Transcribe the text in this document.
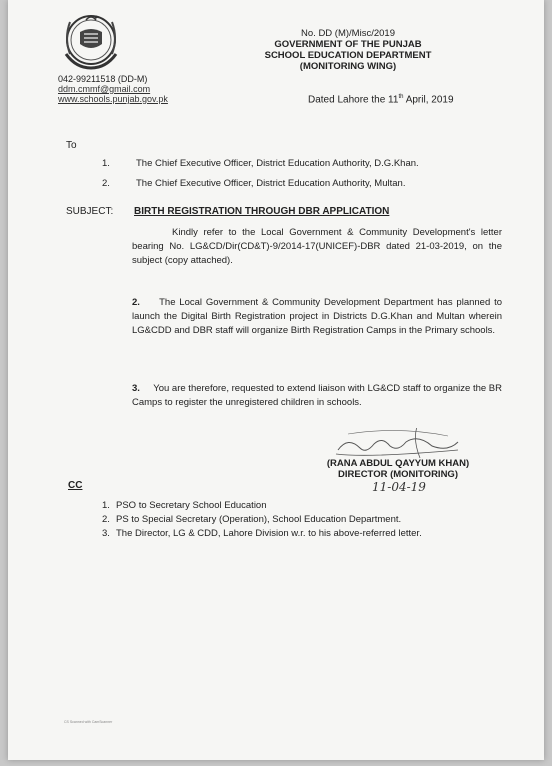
042-99211518 (DD-M)
ddm.cmmf@gmail.com
www.schools.punjab.gov.pk
No. DD (M)/Misc/2019
GOVERNMENT OF THE PUNJAB
SCHOOL EDUCATION DEPARTMENT
(MONITORING WING)
Dated Lahore the 11th April, 2019
To
1.	The Chief Executive Officer, District Education Authority, D.G.Khan.
2.	The Chief Executive Officer, District Education Authority, Multan.
SUBJECT: BIRTH REGISTRATION THROUGH DBR APPLICATION
Kindly refer to the Local Government & Community Development's letter bearing No. LG&CD/Dir(CD&T)-9/2014-17(UNICEF)-DBR dated 21-03-2019, on the subject (copy attached).
2. The Local Government & Community Development Department has planned to launch the Digital Birth Registration project in Districts D.G.Khan and Multan wherein LG&CDD and DBR staff will organize Birth Registration Camps in the Primary schools.
3. You are therefore, requested to extend liaison with LG&CD staff to organize the BR Camps to register the unregistered children in schools.
(RANA ABDUL QAYYUM KHAN)
DIRECTOR (MONITORING)
11-04-19
CC
1. PSO to Secretary School Education
2. PS to Special Secretary (Operation), School Education Department.
3. The Director, LG & CDD, Lahore Division w.r. to his above-referred letter.
CS Scanned with CamScanner
